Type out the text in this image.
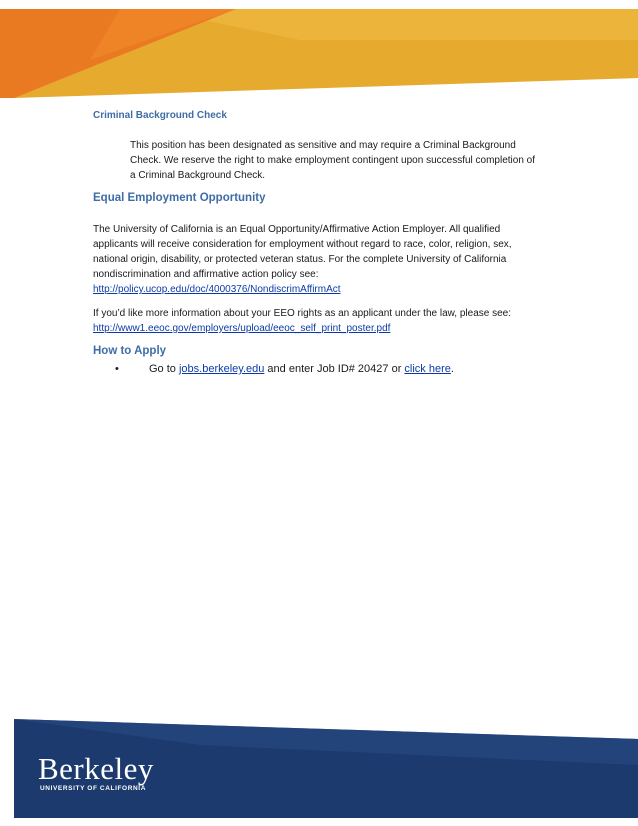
Criminal Background Check
This position has been designated as sensitive and may require a Criminal Background Check. We reserve the right to make employment contingent upon successful completion of a Criminal Background Check.
Equal Employment Opportunity
The University of California is an Equal Opportunity/Affirmative Action Employer. All qualified applicants will receive consideration for employment without regard to race, color, religion, sex, national origin, disability, or protected veteran status. For the complete University of California nondiscrimination and affirmative action policy see:
http://policy.ucop.edu/doc/4000376/NondiscrimAffirmAct
If you’d like more information about your EEO rights as an applicant under the law, please see:
http://www1.eeoc.gov/employers/upload/eeoc_self_print_poster.pdf
How to Apply
•	Go to jobs.berkeley.edu and enter Job ID# 20427 or click here.
Berkeley
UNIVERSITY OF CALIFORNIA
